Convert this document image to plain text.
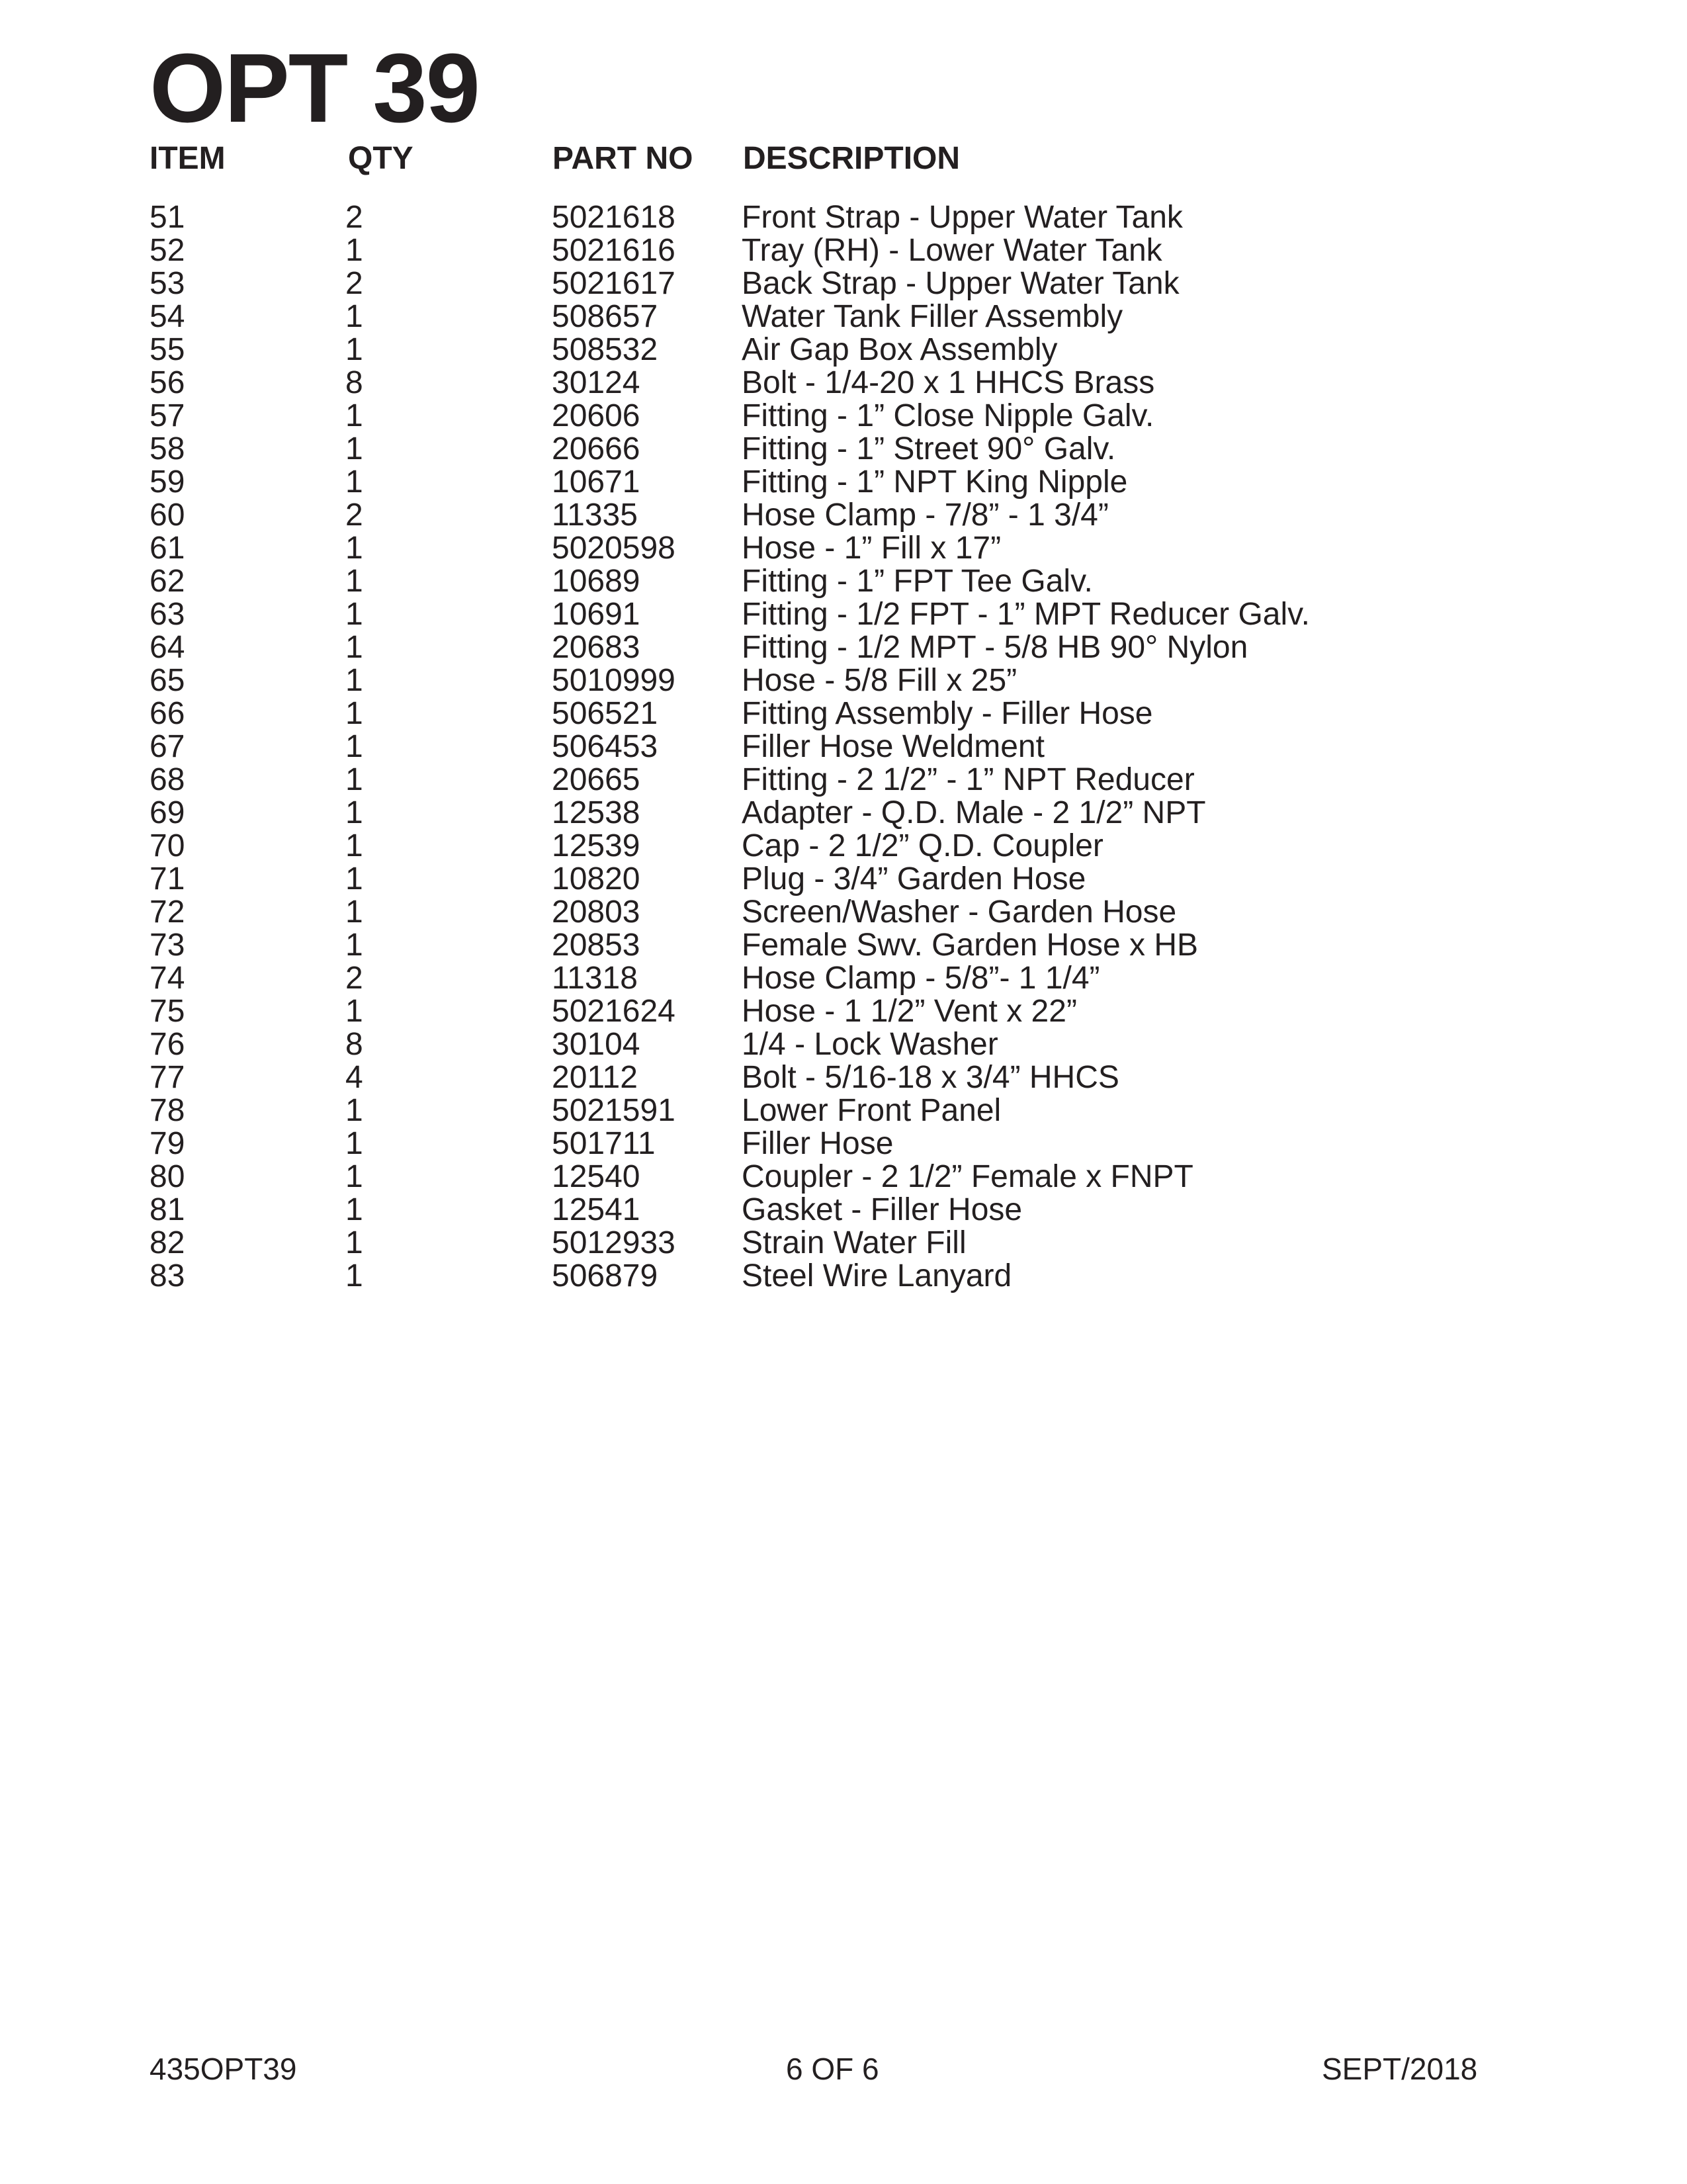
OPT 39
ITEM	QTY	PART NO DESCRIPTION
51	2	5021618 Front Strap - Upper Water Tank
52	1	5021616 Tray (RH) - Lower Water Tank
53	2	5021617 Back Strap - Upper Water Tank
54	1	508657	Water Tank Filler Assembly
55	1	508532	Air Gap Box Assembly
56	8	30124	Bolt - 1/4-20 x 1 HHCS Brass
57	1	20606	Fitting - 1” Close Nipple Galv.
58	1	20666	Fitting - 1” Street 90° Galv.
59	1	10671	Fitting - 1” NPT King Nipple
60	2	11335	Hose Clamp - 7/8” - 1 3/4”
61	1	5020598 Hose - 1” Fill x 17”
62	1	10689	Fitting - 1” FPT Tee Galv.
63	1	10691	Fitting - 1/2 FPT - 1” MPT Reducer Galv.
64	1	20683	Fitting - 1/2 MPT - 5/8 HB 90° Nylon
65	1	5010999 Hose - 5/8 Fill x 25”
66	1	506521	Fitting Assembly - Filler Hose
67	1	506453	Filler Hose Weldment
68	1	20665	Fitting - 2 1/2” - 1” NPT Reducer
69	1	12538	Adapter - Q.D. Male - 2 1/2” NPT
70	1	12539	Cap - 2 1/2” Q.D. Coupler
71	1	10820	Plug - 3/4” Garden Hose
72	1	20803	Screen/Washer - Garden Hose
73	1	20853	Female Swv. Garden Hose x HB
74	2	11318	Hose Clamp - 5/8”- 1 1/4”
75	1	5021624 Hose - 1 1/2” Vent x 22”
76	8	30104	1/4 - Lock Washer
77	4	20112	Bolt - 5/16-18 x 3/4” HHCS
78	1	5021591 Lower Front Panel
79	1	501711	Filler Hose
80	1	12540	Coupler - 2 1/2” Female x FNPT
81	1	12541	Gasket - Filler Hose
82	1	5012933 Strain Water Fill
83	1	506879	Steel Wire Lanyard
435OPT39	6 OF 6	SEPT/2018
